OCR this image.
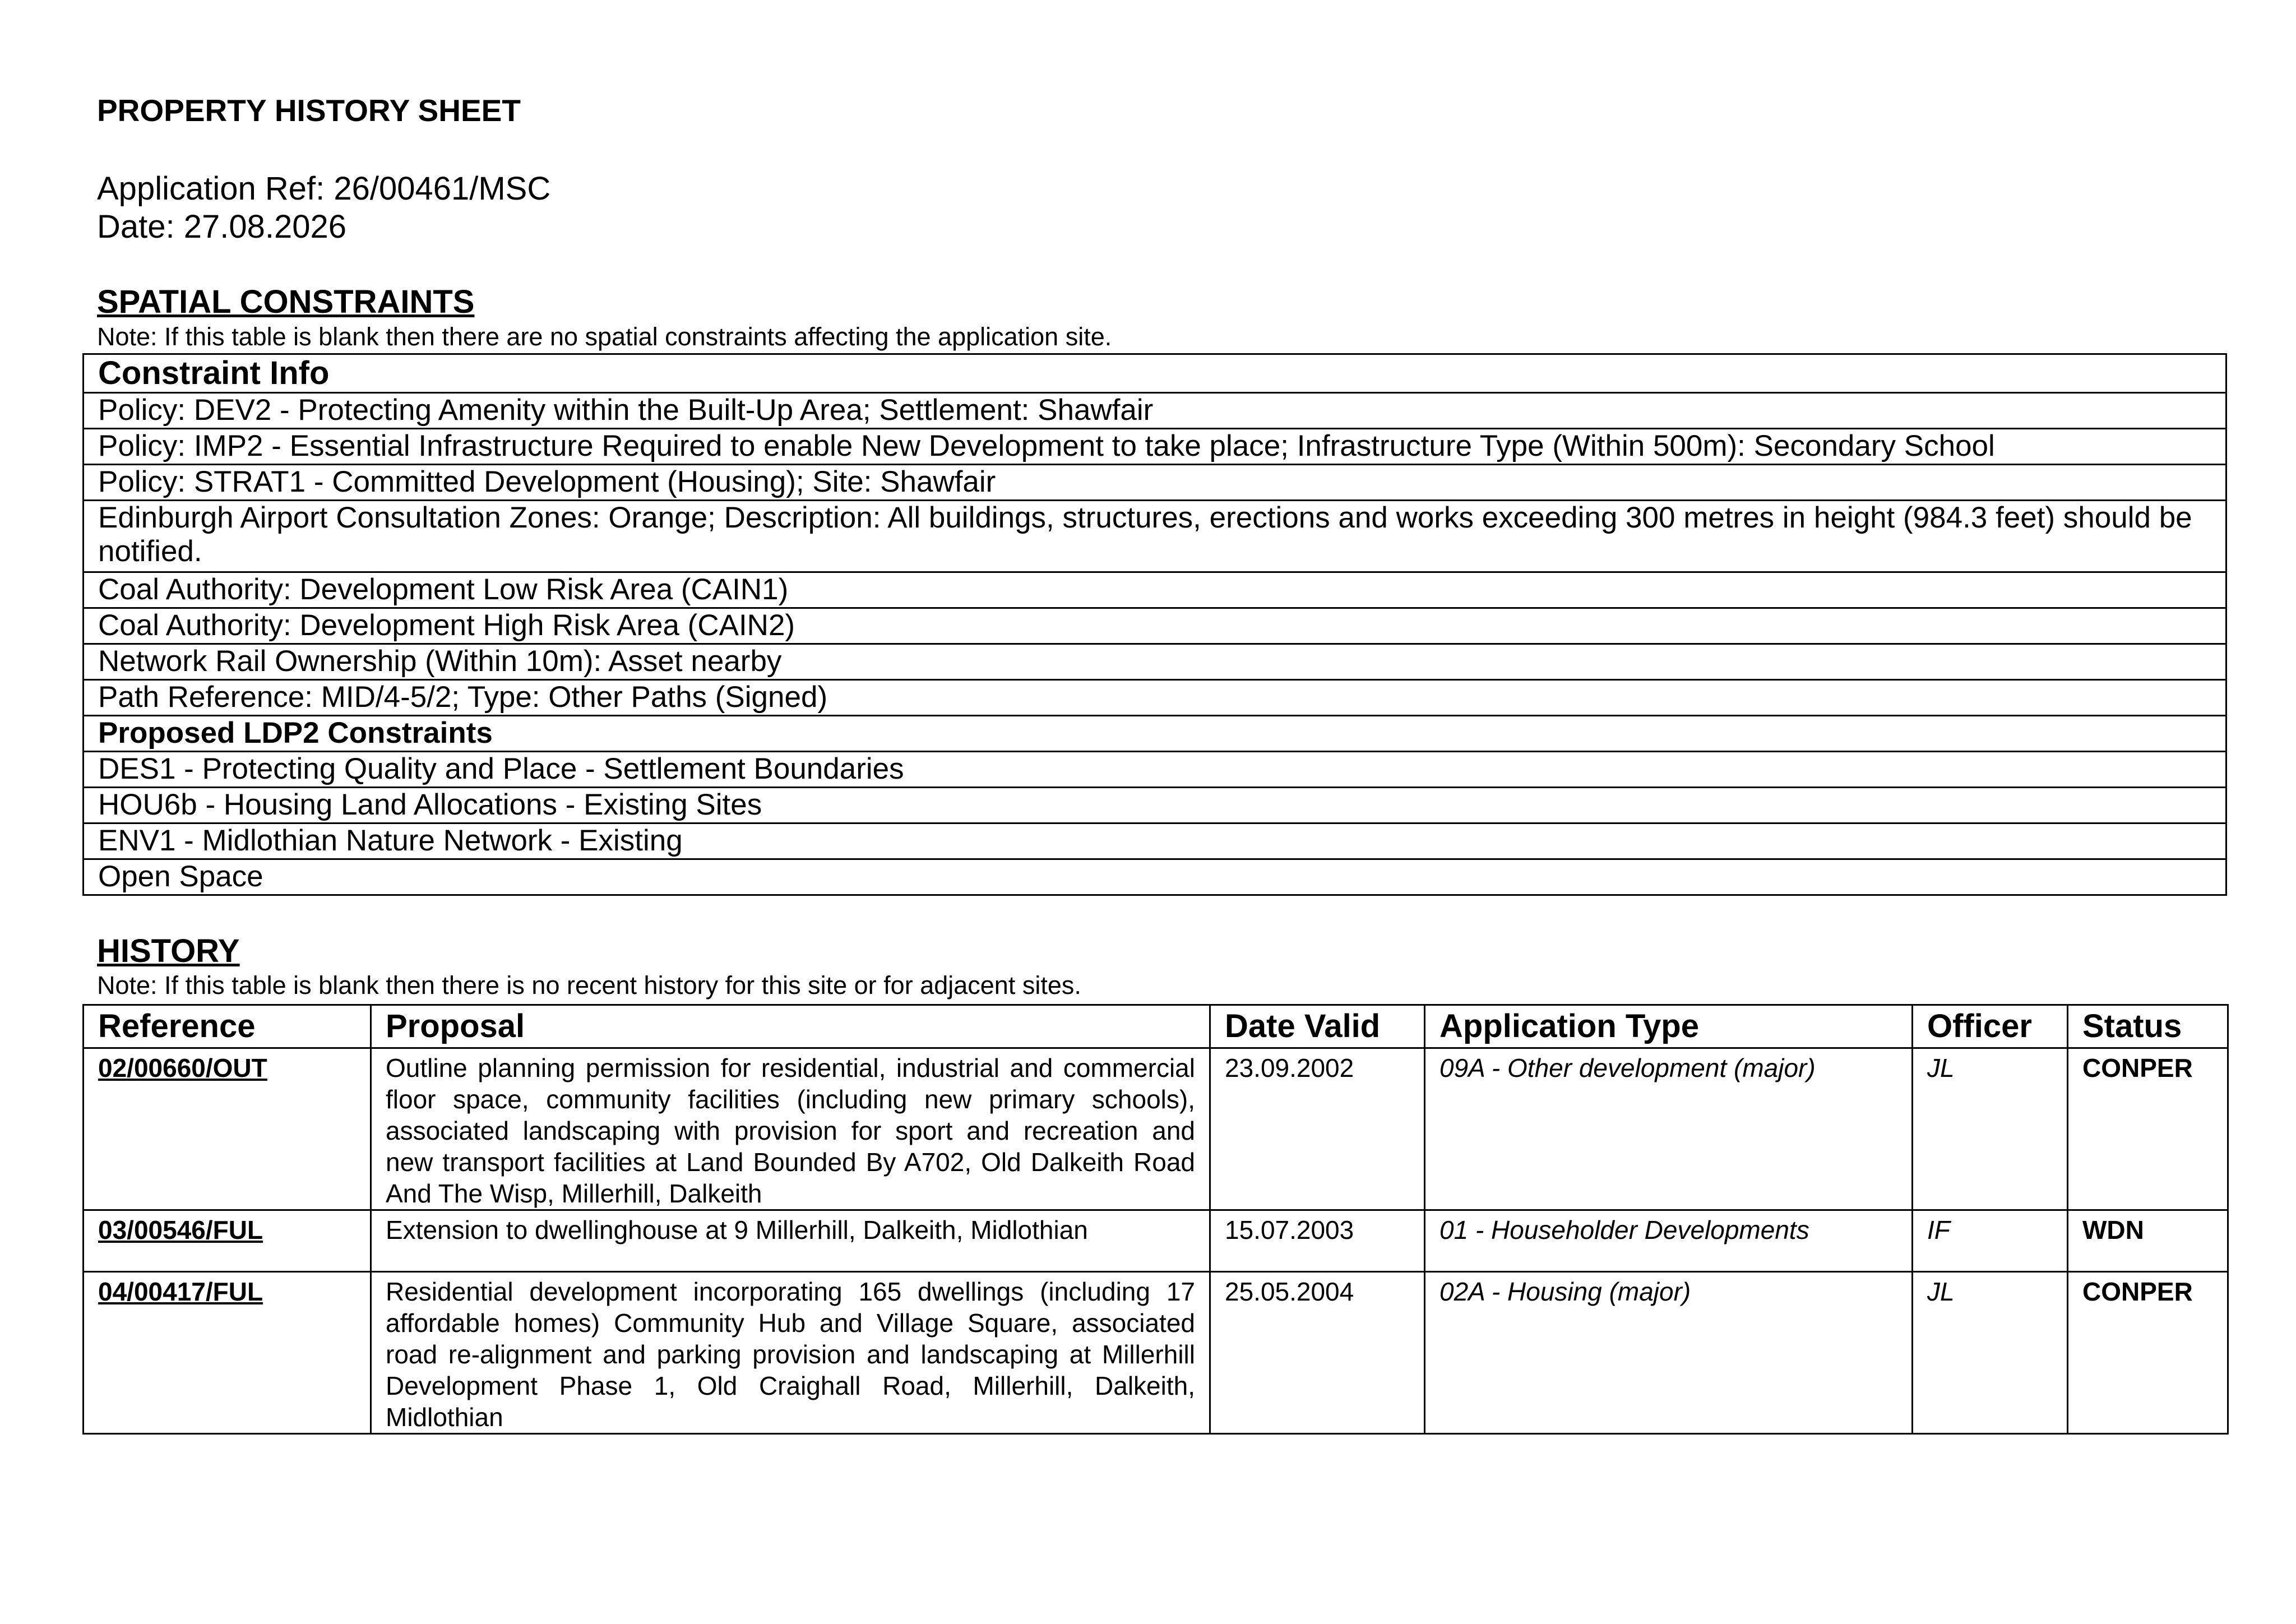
PROPERTY HISTORY SHEET

Application Ref: 26/00461/MSC

Date: 27.08.2026

SPATIAL CONSTRAINTS

Note: If this table is blank then there are no spatial constraints affecting the application site.

Constraint Info
Policy: DEV2 - Protecting Amenity within the Built-Up Area; Settlement: Shawfair
Policy: IMP2 - Essential Infrastructure Required to enable New Development to take place; Infrastructure Type (Within 500m): Secondary School
Policy: STRAT1 - Committed Development (Housing); Site: Shawfair
Edinburgh Airport Consultation Zones: Orange; Description: All buildings, structures, erections and works exceeding 300 metres in height (984.3 feet) should be notified.
Coal Authority: Development Low Risk Area (CAIN1)
Coal Authority: Development High Risk Area (CAIN2)
Network Rail Ownership (Within 10m): Asset nearby
Path Reference: MID/4-5/2; Type: Other Paths (Signed)
Proposed LDP2 Constraints
DES1 - Protecting Quality and Place - Settlement Boundaries
HOU6b - Housing Land Allocations - Existing Sites
ENV1 - Midlothian Nature Network - Existing
Open Space
HISTORY

Note: If this table is blank then there is no recent history for this site or for adjacent sites.

Reference	Proposal	Date Valid	Application Type	Officer	Status
02/00660/OUT	Outline planning permission for residential, industrial and commercial floor space, community facilities (including new primary schools), associated landscaping with provision for sport and recreation and new transport facilities at Land Bounded By A702, Old Dalkeith Road And The Wisp, Millerhill, Dalkeith	23.09.2002	09A - Other development (major)	JL	CONPER
03/00546/FUL	Extension to dwellinghouse at 9 Millerhill, Dalkeith, Midlothian	15.07.2003	01 - Householder Developments	IF	WDN
04/00417/FUL	Residential development incorporating 165 dwellings (including 17 affordable homes) Community Hub and Village Square, associated road re-alignment and parking provision and landscaping at Millerhill Development Phase 1, Old Craighall Road, Millerhill, Dalkeith, Midlothian	25.05.2004	02A - Housing (major)	JL	CONPER
